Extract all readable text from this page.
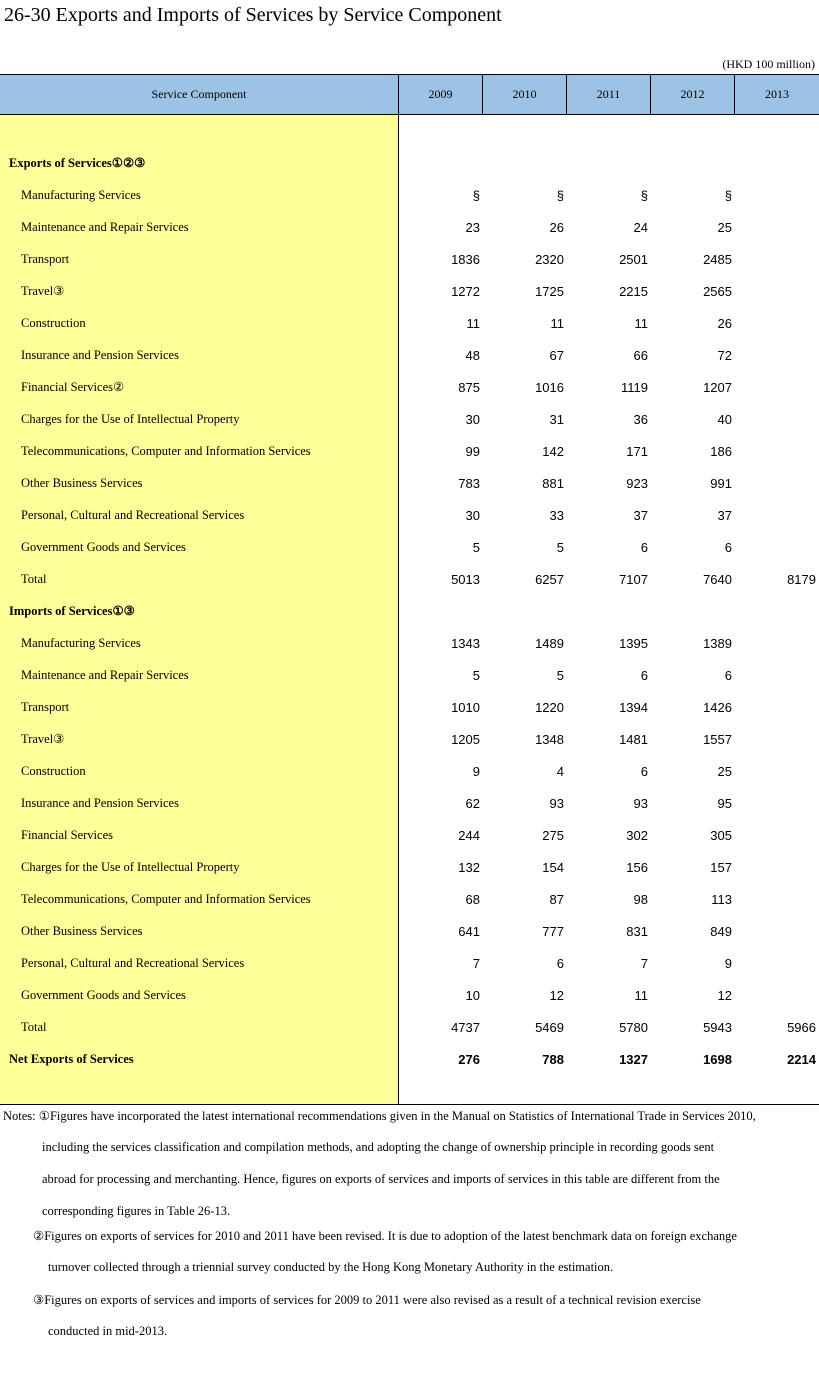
26-30 Exports and Imports of Services by Service Component
(HKD 100 million)
Service Component	2009	2010	2011	2012	2013
Exports of Services①②③
Manufacturing Services	§	§	§	§
Maintenance and Repair Services	23	26	24	25
Transport	1836	2320	2501	2485
Travel③	1272	1725	2215	2565
Construction	11	11	11	26
Insurance and Pension Services	48	67	66	72
Financial Services②	875	1016	1119	1207
Charges for the Use of Intellectual Property	30	31	36	40
Telecommunications, Computer and Information Services	99	142	171	186
Other Business Services	783	881	923	991
Personal, Cultural and Recreational Services	30	33	37	37
Government Goods and Services	5	5	6	6
Total	5013	6257	7107	7640	8179
Imports of Services①③
Manufacturing Services	1343	1489	1395	1389
Maintenance and Repair Services	5	5	6	6
Transport	1010	1220	1394	1426
Travel③	1205	1348	1481	1557
Construction	9	4	6	25
Insurance and Pension Services	62	93	93	95
Financial Services	244	275	302	305
Charges for the Use of Intellectual Property	132	154	156	157
Telecommunications, Computer and Information Services	68	87	98	113
Other Business Services	641	777	831	849
Personal, Cultural and Recreational Services	7	6	7	9
Government Goods and Services	10	12	11	12
Total	4737	5469	5780	5943	5966
Net Exports of Services	276	788	1327	1698	2214
Notes: ①Figures have incorporated the latest international recommendations given in the Manual on Statistics of International Trade in Services 2010,
including the services classification and compilation methods, and adopting the change of ownership principle in recording goods sent
abroad for processing and merchanting. Hence, figures on exports of services and imports of services in this table are different from the
corresponding figures in Table 26-13.
②Figures on exports of services for 2010 and 2011 have been revised. It is due to adoption of the latest benchmark data on foreign exchange
turnover collected through a triennial survey conducted by the Hong Kong Monetary Authority in the estimation.
③Figures on exports of services and imports of services for 2009 to 2011 were also revised as a result of a technical revision exercise
conducted in mid-2013.
